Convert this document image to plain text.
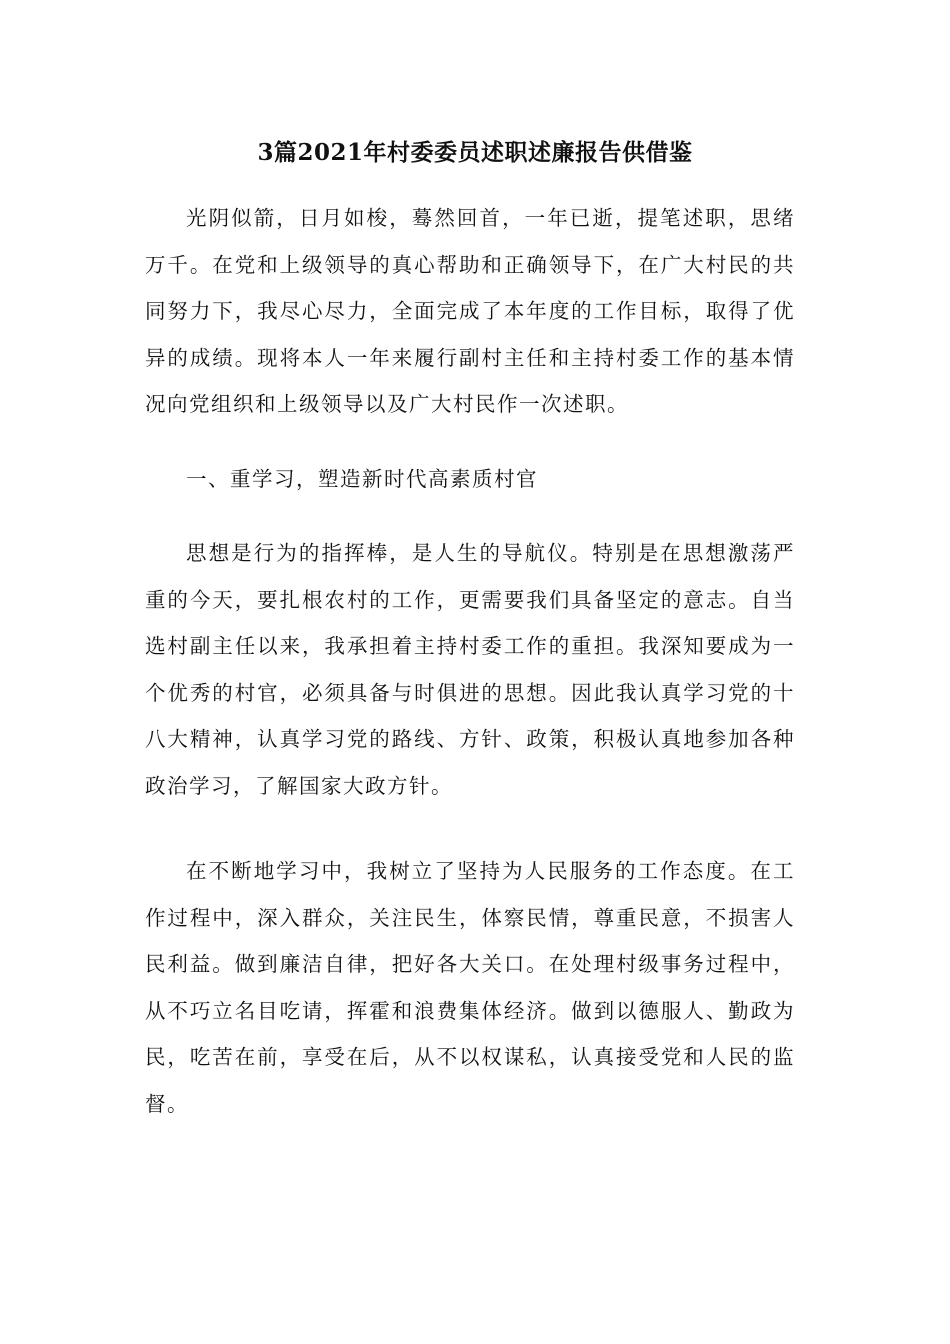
3篇2021年村委委员述职述廉报告供借鉴

光阴似箭，日月如梭，蓦然回首，一年已逝，提笔述职，思绪万千。在党和上级领导的真心帮助和正确领导下，在广大村民的共同努力下，我尽心尽力，全面完成了本年度的工作目标，取得了优异的成绩。现将本人一年来履行副村主任和主持村委工作的基本情况向党组织和上级领导以及广大村民作一次述职。

一、重学习，塑造新时代高素质村官

思想是行为的指挥棒，是人生的导航仪。特别是在思想激荡严重的今天，要扎根农村的工作，更需要我们具备坚定的意志。自当选村副主任以来，我承担着主持村委工作的重担。我深知要成为一个优秀的村官，必须具备与时俱进的思想。因此我认真学习党的十八大精神，认真学习党的路线、方针、政策，积极认真地参加各种政治学习，了解国家大政方针。

在不断地学习中，我树立了坚持为人民服务的工作态度。在工作过程中，深入群众，关注民生，体察民情，尊重民意，不损害人民利益。做到廉洁自律，把好各大关口。在处理村级事务过程中，从不巧立名目吃请，挥霍和浪费集体经济。做到以德服人、勤政为民，吃苦在前，享受在后，从不以权谋私，认真接受党和人民的监督。
